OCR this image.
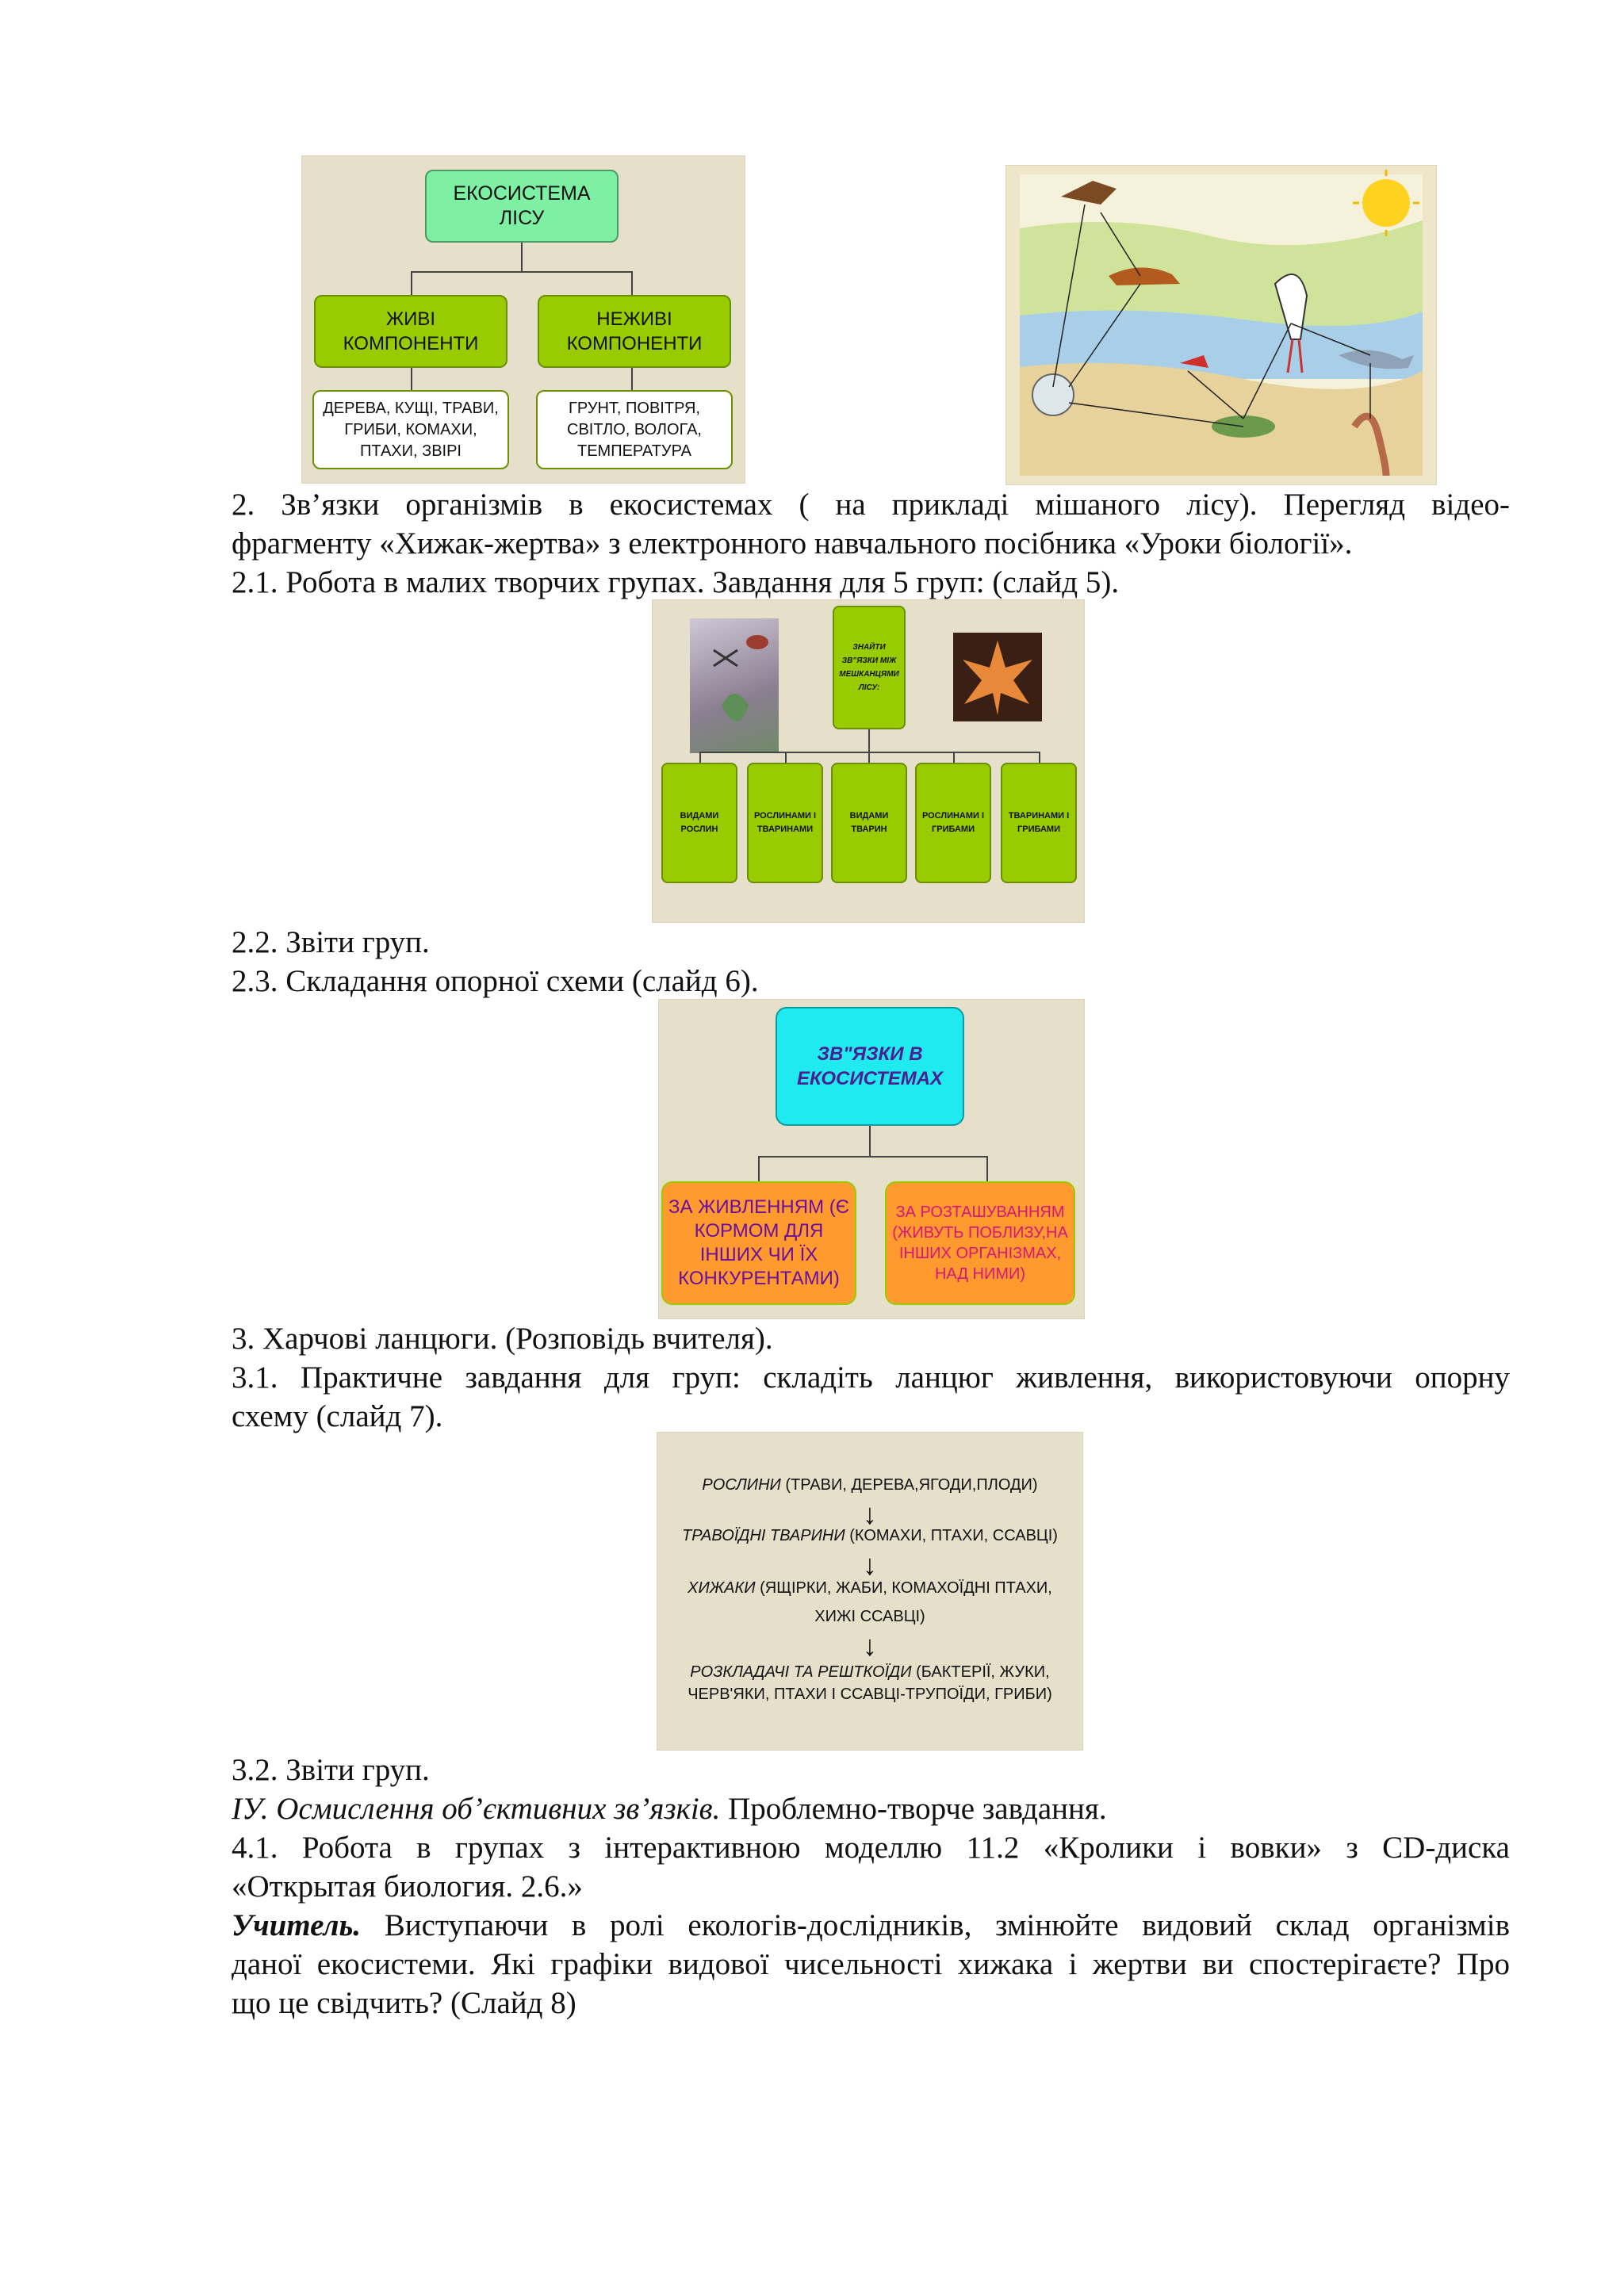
ЕКОСИСТЕМА ЛІСУ
ЖИВІ КОМПОНЕНТИ
НЕЖИВІ КОМПОНЕНТИ
ДЕРЕВА, КУЩІ, ТРАВИ, ГРИБИ, КОМАХИ, ПТАХИ, ЗВІРІ
ГРУНТ, ПОВІТРЯ, СВІТЛО, ВОЛОГА, ТЕМПЕРАТУРА
2. Зв’язки організмів в екосистемах ( на прикладі мішаного лісу). Перегляд відео-
фрагменту «Хижак-жертва» з електронного навчального посібника «Уроки біології».
2.1. Робота в малих творчих групах. Завдання для 5 груп: (слайд 5).
ЗНАЙТИ ЗВ"ЯЗКИ МІЖ МЕШКАНЦЯМИ ЛІСУ:
ВИДАМИ РОСЛИН
РОСЛИНАМИ І ТВАРИНАМИ
ВИДАМИ ТВАРИН
РОСЛИНАМИ І ГРИБАМИ
ТВАРИНАМИ І ГРИБАМИ
2.2. Звіти груп.
2.3. Складання опорної схеми (слайд 6).
ЗВ"ЯЗКИ В ЕКОСИСТЕМАХ
ЗА ЖИВЛЕННЯМ (Є КОРМОМ ДЛЯ ІНШИХ ЧИ ЇХ КОНКУРЕНТАМИ)
ЗА РОЗТАШУВАННЯМ (ЖИВУТЬ ПОБЛИЗУ,НА ІНШИХ ОРГАНІЗМАХ, НАД НИМИ)
3. Харчові ланцюги. (Розповідь вчителя).
3.1. Практичне завдання для груп: складіть ланцюг живлення, використовуючи опорну
схему (слайд 7).
РОСЛИНИ (ТРАВИ, ДЕРЕВА,ЯГОДИ,ПЛОДИ)
↓
ТРАВОЇДНІ ТВАРИНИ (КОМАХИ, ПТАХИ, ССАВЦІ)
↓
ХИЖАКИ (ЯЩІРКИ, ЖАБИ, КОМАХОЇДНІ ПТАХИ,
ХИЖІ ССАВЦІ)
↓
РОЗКЛАДАЧІ ТА РЕШТКОЇДИ (БАКТЕРІЇ, ЖУКИ,
ЧЕРВ'ЯКИ, ПТАХИ І ССАВЦІ-ТРУПОЇДИ, ГРИБИ)
3.2. Звіти груп.
ІУ. Осмислення об’єктивних зв’язків. Проблемно-творче завдання.
4.1. Робота в групах з інтерактивною моделлю 11.2 «Кролики і вовки» з CD-диска
«Открытая биология. 2.6.»
Учитель. Виступаючи в ролі екологів-дослідників, змінюйте видовий склад організмів
даної екосистеми. Які графіки видової чисельності хижака і жертви ви спостерігаєте? Про
що це свідчить? (Слайд 8)
